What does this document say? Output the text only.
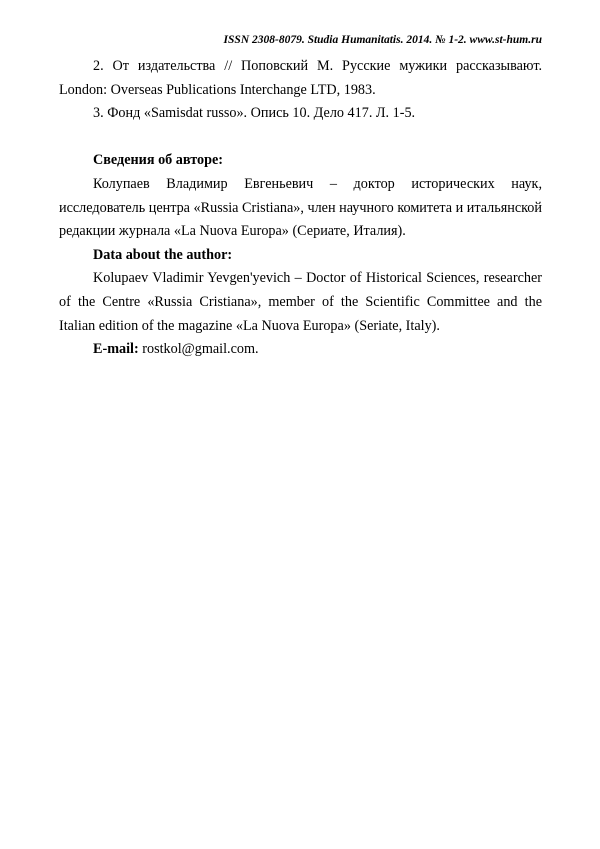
ISSN 2308-8079. Studia Humanitatis. 2014. № 1-2. www.st-hum.ru

2. От издательства // Поповский М. Русские мужики рассказывают. London: Overseas Publications Interchange LTD, 1983.

3. Фонд «Samisdat russo». Опись 10. Дело 417. Л. 1-5.

Сведения об авторе:

Колупаев Владимир Евгеньевич – доктор исторических наук, исследователь центра «Russia Cristiana», член научного комитета и итальянской редакции журнала «La Nuova Europa» (Сериате, Италия).

Data about the author:

Kolupaev Vladimir Yevgen'yevich – Doctor of Historical Sciences, researcher of the Centre «Russia Cristiana», member of the Scientific Committee and the Italian edition of the magazine «La Nuova Europa» (Seriate, Italy).

E-mail: rostkol@gmail.com.
